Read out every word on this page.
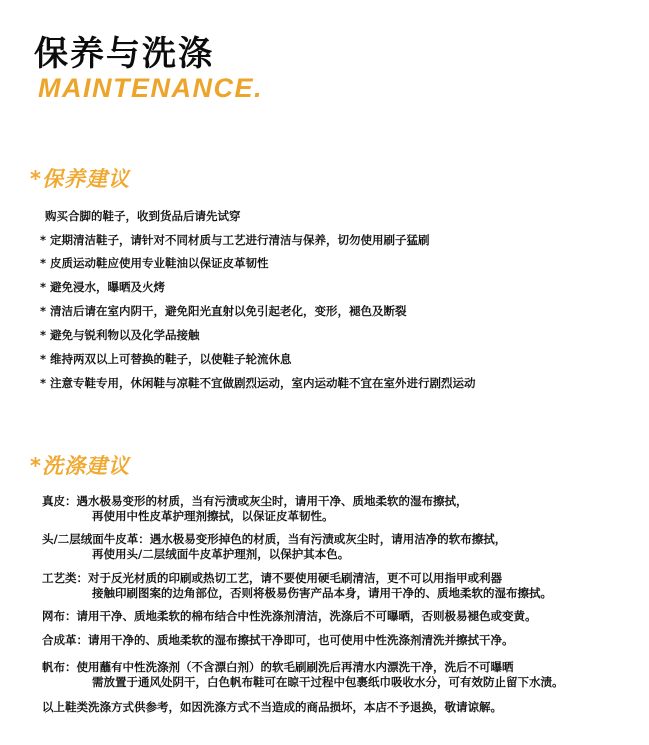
保养与洗涤
MAINTENANCE.
*保养建议
购买合脚的鞋子，收到货品后请先试穿
* 定期清洁鞋子，请针对不同材质与工艺进行清洁与保养，切勿使用刷子猛刷
* 皮质运动鞋应使用专业鞋油以保证皮革韧性
* 避免浸水，曝晒及火烤
* 清洁后请在室内阴干，避免阳光直射以免引起老化，变形，褪色及断裂
* 避免与锐利物以及化学品接触
* 维持两双以上可替换的鞋子，以使鞋子轮流休息
* 注意专鞋专用，休闲鞋与凉鞋不宜做剧烈运动，室内运动鞋不宜在室外进行剧烈运动
*洗涤建议
真皮：遇水极易变形的材质，当有污渍或灰尘时，请用干净、质地柔软的湿布擦拭，
再使用中性皮革护理剂擦拭，以保证皮革韧性。
头/二层绒面牛皮革：遇水极易变形掉色的材质，当有污渍或灰尘时，请用洁净的软布擦拭，
再使用头/二层绒面牛皮革护理剂，以保护其本色。
工艺类：对于反光材质的印刷或热切工艺，请不要使用硬毛刷清洁，更不可以用指甲或利器
接触印刷图案的边角部位，否则将极易伤害产品本身，请用干净的、质地柔软的湿布擦拭。
网布：请用干净、质地柔软的棉布结合中性洗涤剂清洁，洗涤后不可曝晒，否则极易褪色或变黄。
合成革：请用干净的、质地柔软的湿布擦拭干净即可，也可使用中性洗涤剂清洗并擦拭干净。
帆布：使用蘸有中性洗涤剂（不含漂白剂）的软毛刷刷洗后再清水内漂洗干净，洗后不可曝晒
需放置于通风处阴干，白色帆布鞋可在晾干过程中包裹纸巾吸收水分，可有效防止留下水渍。
以上鞋类洗涤方式供参考，如因洗涤方式不当造成的商品损坏，本店不予退换，敬请谅解。
